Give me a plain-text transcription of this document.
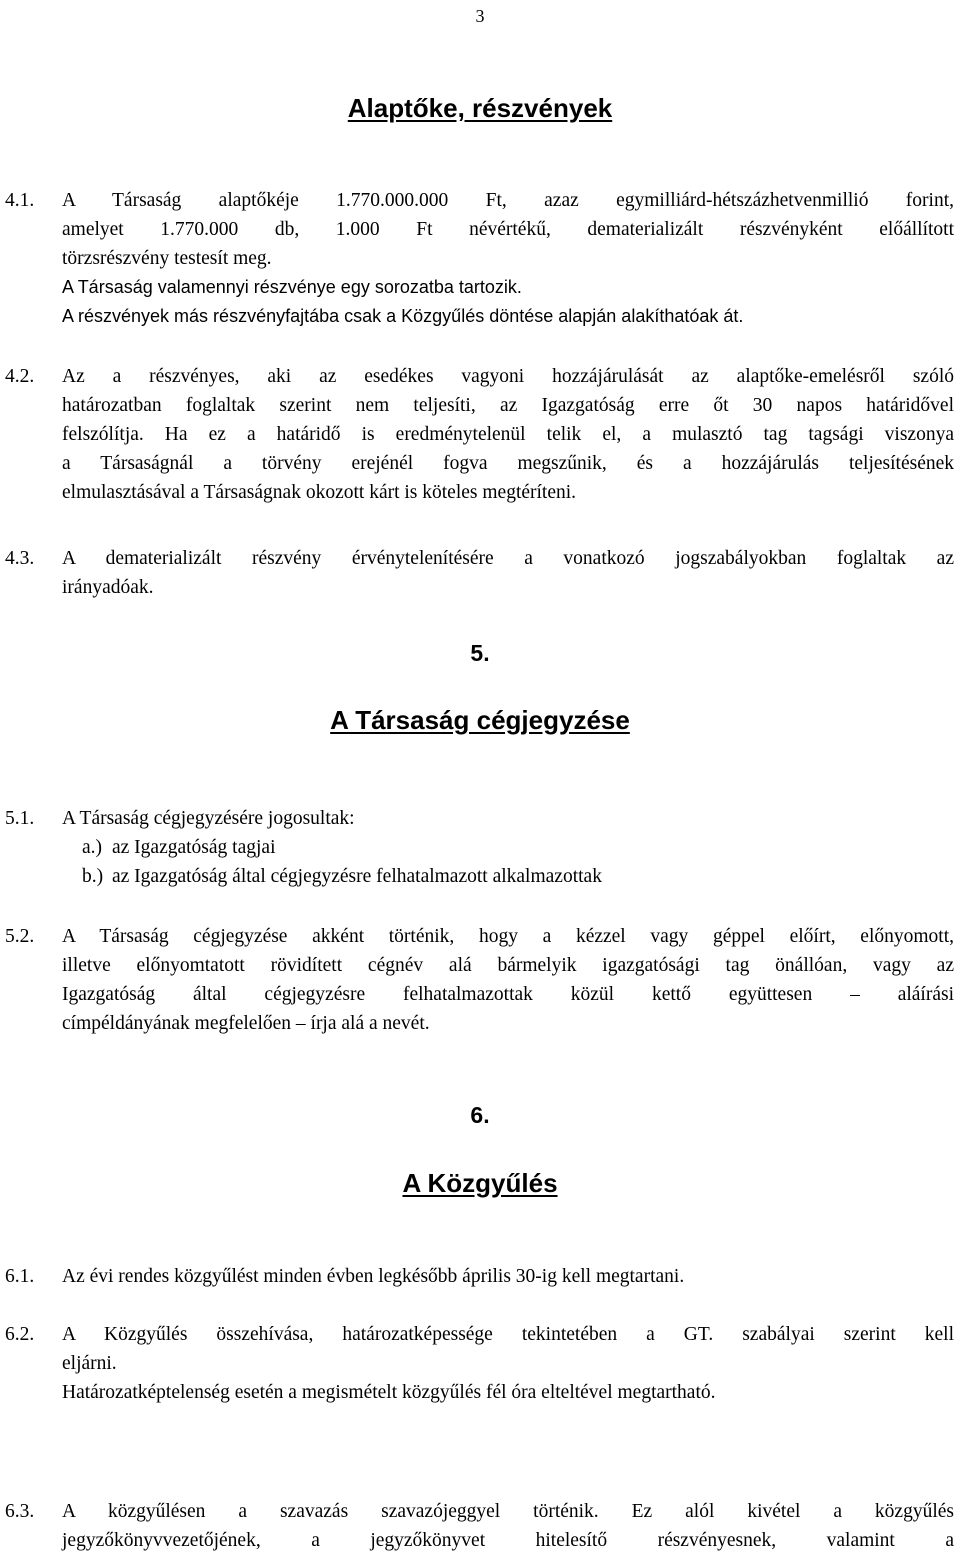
3
Alaptőke, részvények
4.1.	A Társaság alaptőkéje 1.770.000.000 Ft, azaz egymilliárd-hétszázhetvenmillió forint,

amelyet 1.770.000 db, 1.000 Ft névértékű, dematerializált részvényként előállított

törzsrészvény testesít meg.

A Társaság valamennyi részvénye egy sorozatba tartozik.

A részvények más részvényfajtába csak a Közgyűlés döntése alapján alakíthatóak át.

4.2.	Az a részvényes, aki az esedékes vagyoni hozzájárulását az alaptőke-emelésről szóló

határozatban foglaltak szerint nem teljesíti, az Igazgatóság erre őt 30 napos határidővel

felszólítja. Ha ez a határidő is eredménytelenül telik el, a mulasztó tag tagsági viszonya

a Társaságnál a törvény erejénél fogva megszűnik, és a hozzájárulás teljesítésének

elmulasztásával a Társaságnak okozott kárt is köteles megtéríteni.

4.3.	A dematerializált részvény érvénytelenítésére a vonatkozó jogszabályokban foglaltak az

irányadóak.

5.
A Társaság cégjegyzése
5.1.	A Társaság cégjegyzésére jogosultak:

a.) az Igazgatóság tagjai

b.) az Igazgatóság által cégjegyzésre felhatalmazott alkalmazottak

5.2.	A Társaság cégjegyzése akként történik, hogy a kézzel vagy géppel előírt, előnyomott,

illetve előnyomtatott rövidített cégnév alá bármelyik igazgatósági tag önállóan, vagy az

Igazgatóság által cégjegyzésre felhatalmazottak közül kettő együttesen – aláírási

címpéldányának megfelelően – írja alá a nevét.

6.
A Közgyűlés
6.1.	Az évi rendes közgyűlést minden évben legkésőbb április 30-ig kell megtartani.

6.2.	A Közgyűlés összehívása, határozatképessége tekintetében a GT. szabályai szerint kell

eljárni.

Határozatképtelenség esetén a megismételt közgyűlés fél óra elteltével megtartható.

6.3.	A közgyűlésen a szavazás szavazójeggyel történik. Ez alól kivétel a közgyűlés

jegyzőkönyvvezetőjének, a jegyzőkönyvet hitelesítő részvényesnek, valamint a
